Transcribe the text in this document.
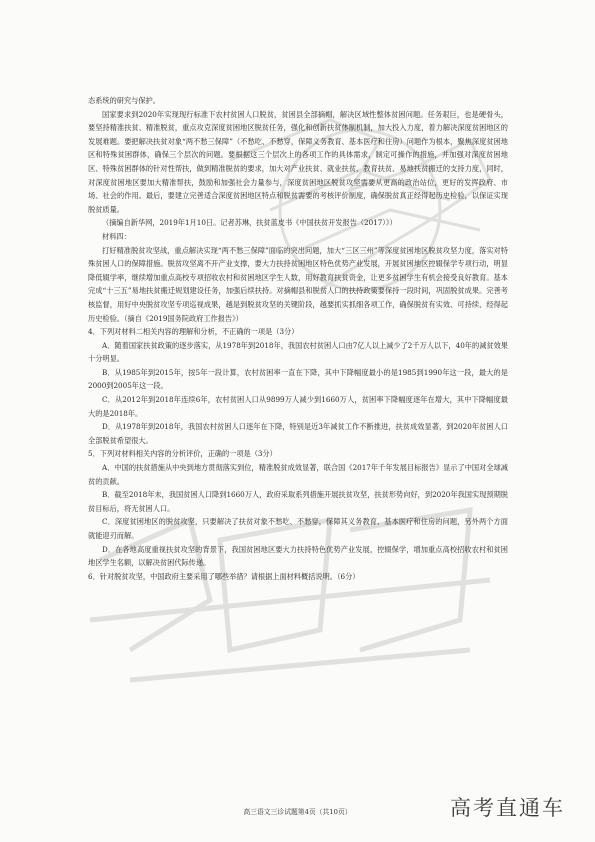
态系统的研究与保护。

国家要求到2020年实现现行标准下农村贫困人口脱贫，贫困县全部摘帽，解决区域性整体贫困问题。任务艰巨，也是硬骨头，要坚持精准扶贫、精准脱贫，重点攻克深度贫困地区脱贫任务，强化和创新扶贫体制机制，加大投入力度，着力解决深度贫困地区的发展难题。要把解决扶贫对象“两不愁三保障”（不愁吃、不愁穿，保障义务教育、基本医疗和住房）问题作为根本，聚焦深度贫困地区和特殊贫困群体，确保三个层次的问题。要根据这三个层次上的各项工作的具体需求，制定可操作的措施，并加强对深度贫困地区、特殊贫困群体的针对性帮扶，做到精准脱贫的要求，加大对产业扶贫、就业扶贫、教育扶贫、易地扶贫搬迁的支持力度，同时，对深度贫困地区要加大精准帮扶，鼓励和加强社会力量参与，深度贫困地区脱贫攻坚需要从更高的政治站位，更好的发挥政府、市场、社会的作用。最后，要建立完善适合深度贫困地区特点和脱贫需要的考核评价制度，确保脱贫真正经得起历史检验，以保证实现脱贫质量。

（摘编自新华网，2019年1月10日。记者苏琳，扶贫蓝皮书《中国扶贫开发报告（2017）》）

材料四：

打好精准脱贫攻坚战，重点解决实现“两不愁三保障”面临的突出问题，加大“三区三州”等深度贫困地区脱贫攻坚力度，落实对特殊贫困人口的保障措施。脱贫攻坚离不开产业支撑，要大力扶持贫困地区特色优势产业发展，开展贫困地区控辍保学专项行动，明显降低辍学率，继续增加重点高校专项招收农村和贫困地区学生人数，用好教育扶贫资金，让更多贫困学生有机会接受良好教育。基本完成“十三五”易地扶贫搬迁规划建设任务，加强后续扶持。对摘帽县和脱贫人口的扶持政策要保持一段时间，巩固脱贫成果。完善考核监督，用好中央脱贫攻坚专项巡视成果，越是到脱贫攻坚的关键阶段，越要抓实抓细各项工作，确保脱贫有实效、可持续、经得起历史检验。（摘自《2019国务院政府工作报告》）

4．下列对材料二相关内容的理解和分析，不正确的一项是（3分）

A．随着国家扶贫政策的逐步落实，从1978年到2018年，我国农村贫困人口由7亿人以上减少了2千万人以下，40年的减贫效果十分明显。

B．从1985年到2015年，按5年一段计算，农村贫困率一直在下降，其中下降幅度最小的是1985到1990年这一段，最大的是2000到2005年这一段。

C．从2012年到2018年连续6年，农村贫困人口从9899万人减少到1660万人，贫困率下降幅度逐年在增大，其中下降幅度最大的是2018年。

D．从1978年到2018年，我国农村贫困人口逐年在下降，特别是近3年减贫工作不断推进，扶贫成效显著，到2020年贫困人口全部脱贫希望很大。

5．下列对材料相关内容的分析评价，正确的一项是（3分）

A．中国的扶贫措施从中央到地方贯彻落实到位，精准脱贫成效显著，联合国《2017年千年发展目标报告》显示了中国对全球减贫的贡献。

B．截至2018年末，我国贫困人口降到1660万人，政府采取系列措施开展扶贫攻坚，扶贫形势向好，到2020年我国实现预期脱贫目标后，将无贫困人口。

C．深度贫困地区的脱贫攻坚，只要解决了扶贫对象不愁吃、不愁穿，保障其义务教育、基本医疗和住房的问题，另外两个方面就能迎刃而解。

D．在各地高度重视扶贫攻坚的背景下，我国贫困地区要大力扶持特色优势产业发展，控辍保学，增加重点高校招收农村和贫困地区学生名额，以解决贫困代际传递。

6．针对脱贫攻坚，中国政府主要采用了哪些举措？请根据上面材料概括说明。（6分）

高三语文三诊试题第4页（共10页）	高考直通车
